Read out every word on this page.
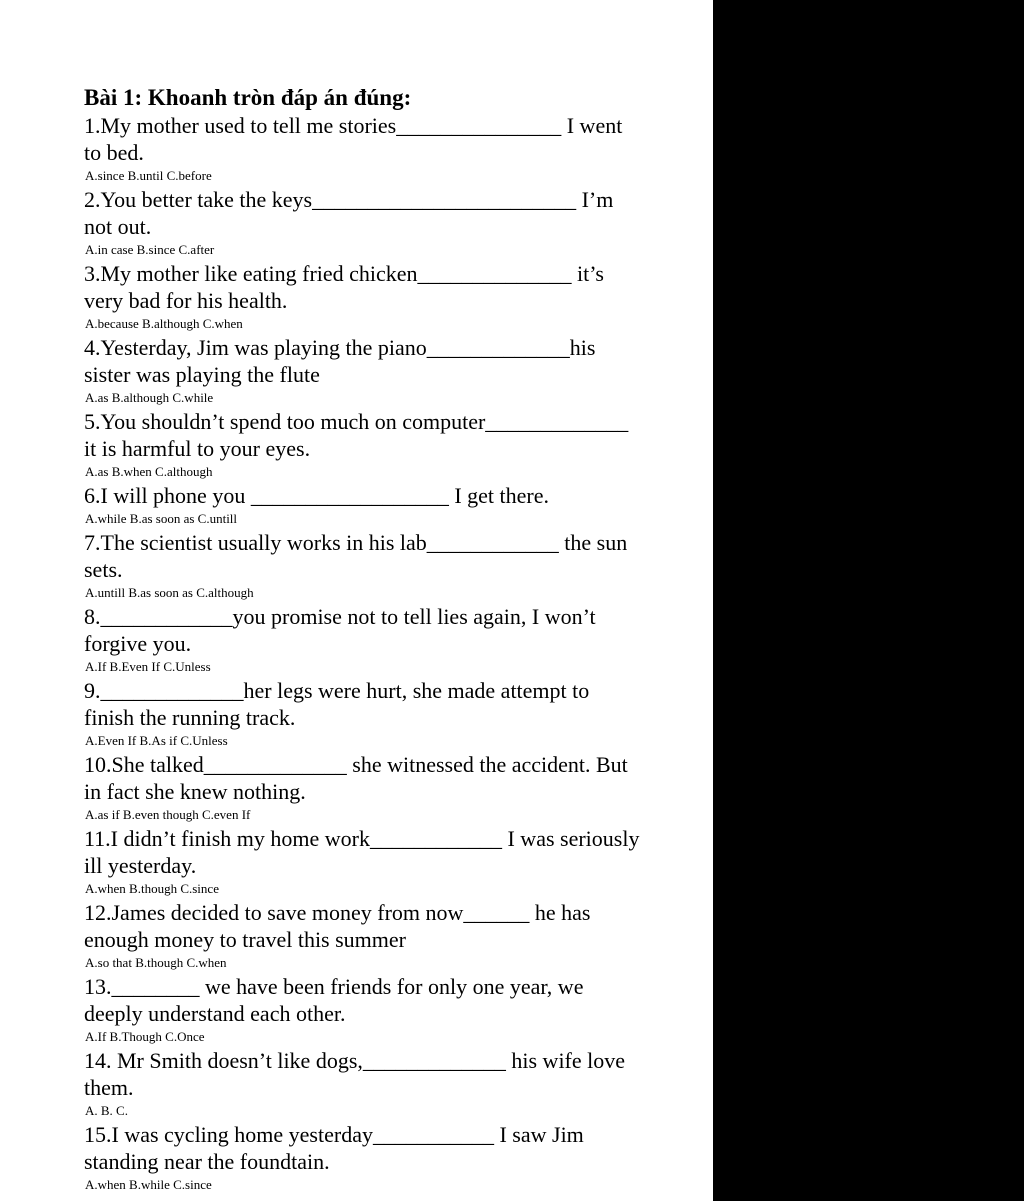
Bài 1: Khoanh tròn đáp án đúng:

1.My mother used to tell me stories_______________ I went to bed.

A.since B.until C.before

2.You better take the keys________________________ I’m not out.

A.in case B.since C.after

3.My mother like eating fried chicken______________ it’s very bad for his health.

A.because B.although C.when

4.Yesterday, Jim was playing the piano_____________his sister was playing the flute

A.as B.although C.while

5.You shouldn’t spend too much on computer_____________ it is harmful to your eyes.

A.as B.when C.although

6.I will phone you __________________ I get there.

A.while B.as soon as C.untill

7.The scientist usually works in his lab____________ the sun sets.

A.untill B.as soon as C.although

8.____________you promise not to tell lies again, I won’t forgive you.

A.If B.Even If C.Unless

9._____________her legs were hurt, she made attempt to finish the running track.

A.Even If B.As if C.Unless

10.She talked_____________ she witnessed the accident. But in fact she knew nothing.

A.as if B.even though C.even If

11.I didn’t finish my home work____________ I was seriously ill yesterday.

A.when B.though C.since

12.James decided to save money from now______ he has enough money to travel this summer

A.so that B.though C.when

13.________ we have been friends for only one year, we deeply understand each other.

A.If B.Though C.Once

14. Mr Smith doesn’t like dogs,_____________ his wife love them.

A. B. C.

15.I was cycling home yesterday___________ I saw Jim standing near the foundtain.

A.when B.while C.since
